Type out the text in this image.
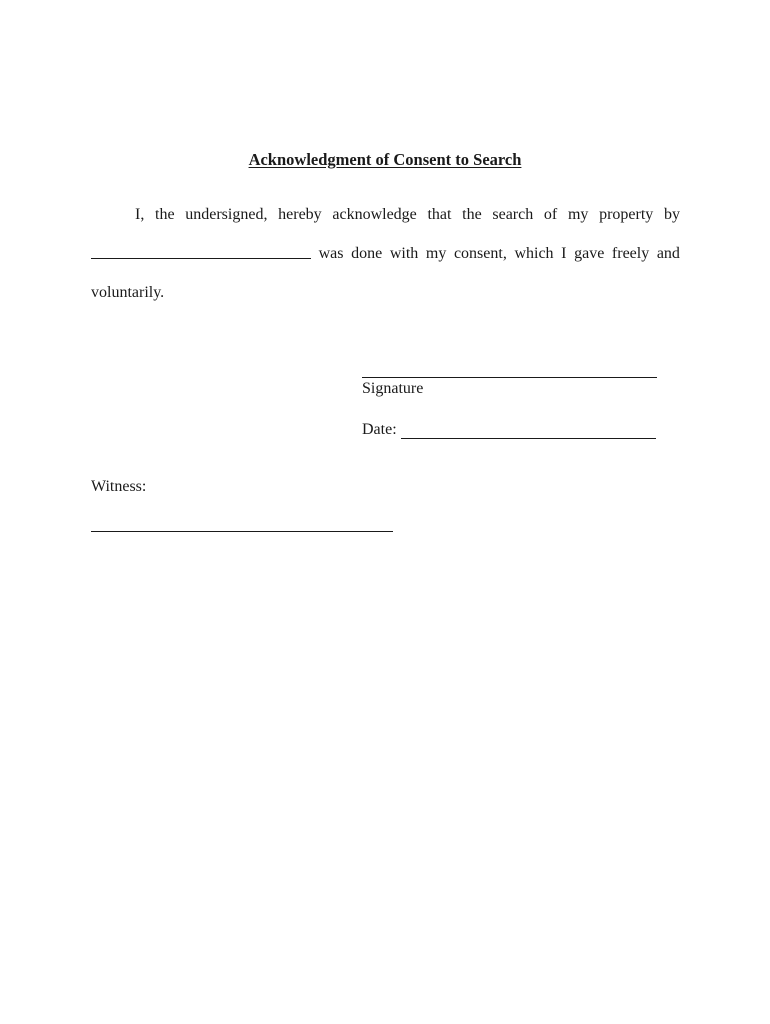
Acknowledgment of Consent to Search
I, the undersigned, hereby acknowledge that the search of my property by
was done with my consent, which I gave freely and
voluntarily.
Signature
Date:
Witness:
